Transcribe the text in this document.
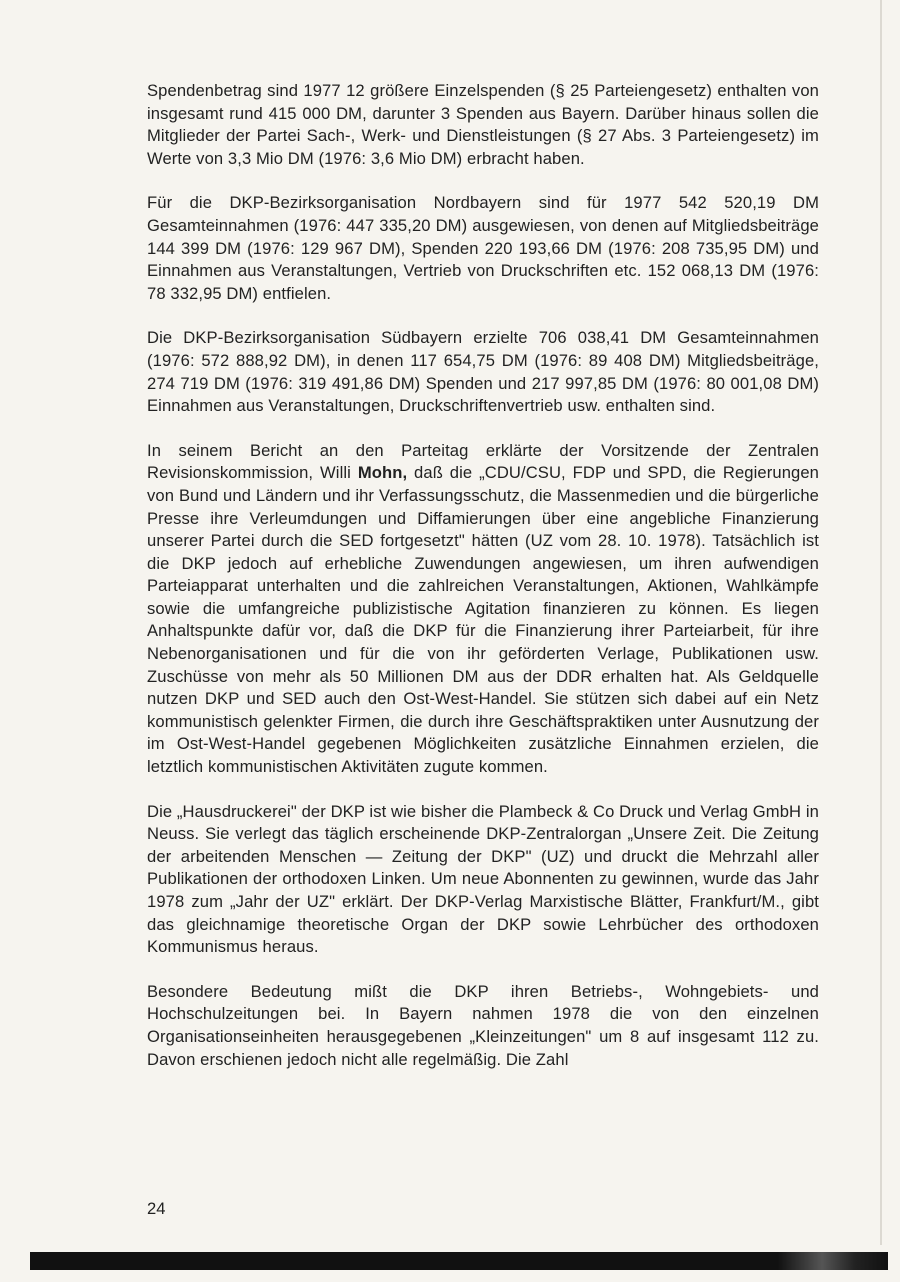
Spendenbetrag sind 1977 12 größere Einzelspenden (§ 25 Parteiengesetz) enthalten von insgesamt rund 415 000 DM, darunter 3 Spenden aus Bayern. Darüber hinaus sollen die Mitglieder der Partei Sach-, Werk- und Dienstleistungen (§ 27 Abs. 3 Parteiengesetz) im Werte von 3,3 Mio DM (1976: 3,6 Mio DM) erbracht haben.

Für die DKP-Bezirksorganisation Nordbayern sind für 1977 542 520,19 DM Gesamteinnahmen (1976: 447 335,20 DM) ausgewiesen, von denen auf Mitgliedsbeiträge 144 399 DM (1976: 129 967 DM), Spenden 220 193,66 DM (1976: 208 735,95 DM) und Einnahmen aus Veranstaltungen, Vertrieb von Druckschriften etc. 152 068,13 DM (1976: 78 332,95 DM) entfielen.

Die DKP-Bezirksorganisation Südbayern erzielte 706 038,41 DM Gesamteinnahmen (1976: 572 888,92 DM), in denen 117 654,75 DM (1976: 89 408 DM) Mitgliedsbeiträge, 274 719 DM (1976: 319 491,86 DM) Spenden und 217 997,85 DM (1976: 80 001,08 DM) Einnahmen aus Veranstaltungen, Druckschriftenvertrieb usw. enthalten sind.

In seinem Bericht an den Parteitag erklärte der Vorsitzende der Zentralen Revisionskommission, Willi Mohn, daß die „CDU/CSU, FDP und SPD, die Regierungen von Bund und Ländern und ihr Verfassungsschutz, die Massenmedien und die bürgerliche Presse ihre Verleumdungen und Diffamierungen über eine angebliche Finanzierung unserer Partei durch die SED fortgesetzt" hätten (UZ vom 28. 10. 1978). Tatsächlich ist die DKP jedoch auf erhebliche Zuwendungen angewiesen, um ihren aufwendigen Parteiapparat unterhalten und die zahlreichen Veranstaltungen, Aktionen, Wahlkämpfe sowie die umfangreiche publizistische Agitation finanzieren zu können. Es liegen Anhaltspunkte dafür vor, daß die DKP für die Finanzierung ihrer Parteiarbeit, für ihre Nebenorganisationen und für die von ihr geförderten Verlage, Publikationen usw. Zuschüsse von mehr als 50 Millionen DM aus der DDR erhalten hat. Als Geldquelle nutzen DKP und SED auch den Ost-West-Handel. Sie stützen sich dabei auf ein Netz kommunistisch gelenkter Firmen, die durch ihre Geschäftspraktiken unter Ausnutzung der im Ost-West-Handel gegebenen Möglichkeiten zusätzliche Einnahmen erzielen, die letztlich kommunistischen Aktivitäten zugute kommen.

Die „Hausdruckerei" der DKP ist wie bisher die Plambeck & Co Druck und Verlag GmbH in Neuss. Sie verlegt das täglich erscheinende DKP-Zentralorgan „Unsere Zeit. Die Zeitung der arbeitenden Menschen — Zeitung der DKP" (UZ) und druckt die Mehrzahl aller Publikationen der orthodoxen Linken. Um neue Abonnenten zu gewinnen, wurde das Jahr 1978 zum „Jahr der UZ" erklärt. Der DKP-Verlag Marxistische Blätter, Frankfurt/M., gibt das gleichnamige theoretische Organ der DKP sowie Lehrbücher des orthodoxen Kommunismus heraus.

Besondere Bedeutung mißt die DKP ihren Betriebs-, Wohngebiets- und Hochschulzeitungen bei. In Bayern nahmen 1978 die von den einzelnen Organisationseinheiten herausgegebenen „Kleinzeitungen" um 8 auf insgesamt 112 zu. Davon erschienen jedoch nicht alle regelmäßig. Die Zahl

24
